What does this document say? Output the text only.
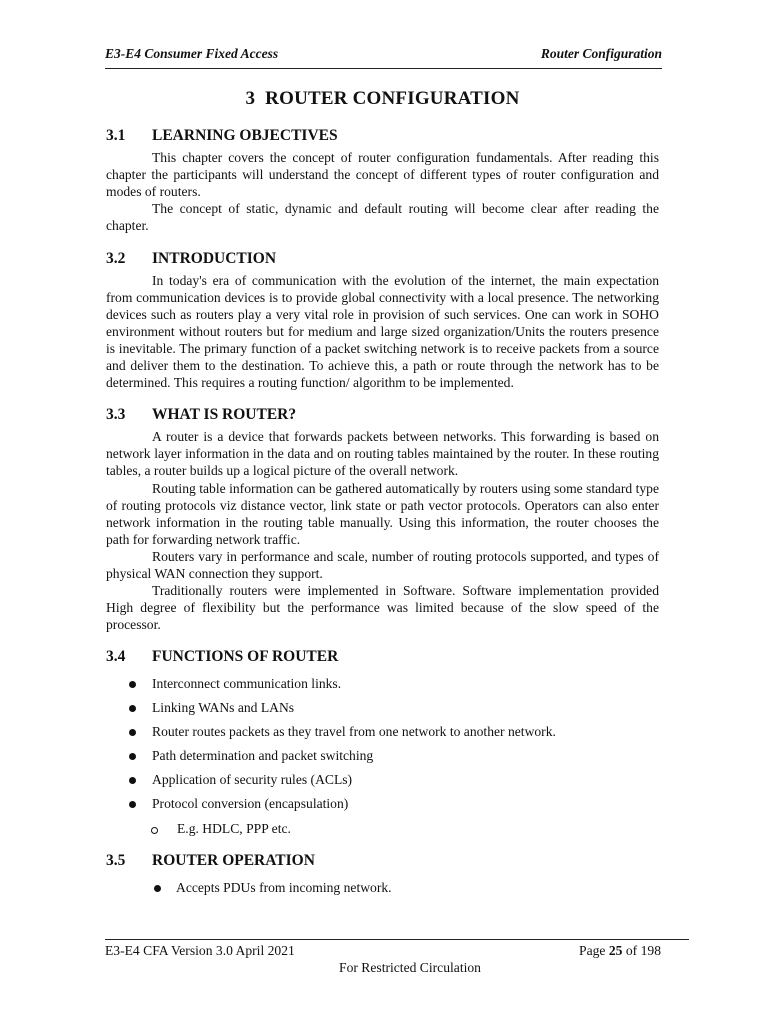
E3-E4 Consumer Fixed Access	Router Configuration
3 ROUTER CONFIGURATION
3.1 LEARNING OBJECTIVES

This chapter covers the concept of router configuration fundamentals. After reading this chapter the participants will understand the concept of different types of router configuration and modes of routers.

The concept of static, dynamic and default routing will become clear after reading the chapter.

3.2 INTRODUCTION

In today's era of communication with the evolution of the internet, the main expectation from communication devices is to provide global connectivity with a local presence. The networking devices such as routers play a very vital role in provision of such services. One can work in SOHO environment without routers but for medium and large sized organization/Units the routers presence is inevitable. The primary function of a packet switching network is to receive packets from a source and deliver them to the destination. To achieve this, a path or route through the network has to be determined. This requires a routing function/ algorithm to be implemented.

3.3 WHAT IS ROUTER?

A router is a device that forwards packets between networks. This forwarding is based on network layer information in the data and on routing tables maintained by the router. In these routing tables, a router builds up a logical picture of the overall network.

Routing table information can be gathered automatically by routers using some standard type of routing protocols viz distance vector, link state or path vector protocols. Operators can also enter network information in the routing table manually. Using this information, the router chooses the path for forwarding network traffic.

Routers vary in performance and scale, number of routing protocols supported, and types of physical WAN connection they support.

Traditionally routers were implemented in Software. Software implementation provided High degree of flexibility but the performance was limited because of the slow speed of the processor.

3.4 FUNCTIONS OF ROUTER
Interconnect communication links.
Linking WANs and LANs
Router routes packets as they travel from one network to another network.
Path determination and packet switching
Application of security rules (ACLs)
Protocol conversion (encapsulation)
E.g. HDLC, PPP etc.
3.5 ROUTER OPERATION
Accepts PDUs from incoming network.
E3-E4 CFA Version 3.0 April 2021	Page 25 of 198
For Restricted Circulation
